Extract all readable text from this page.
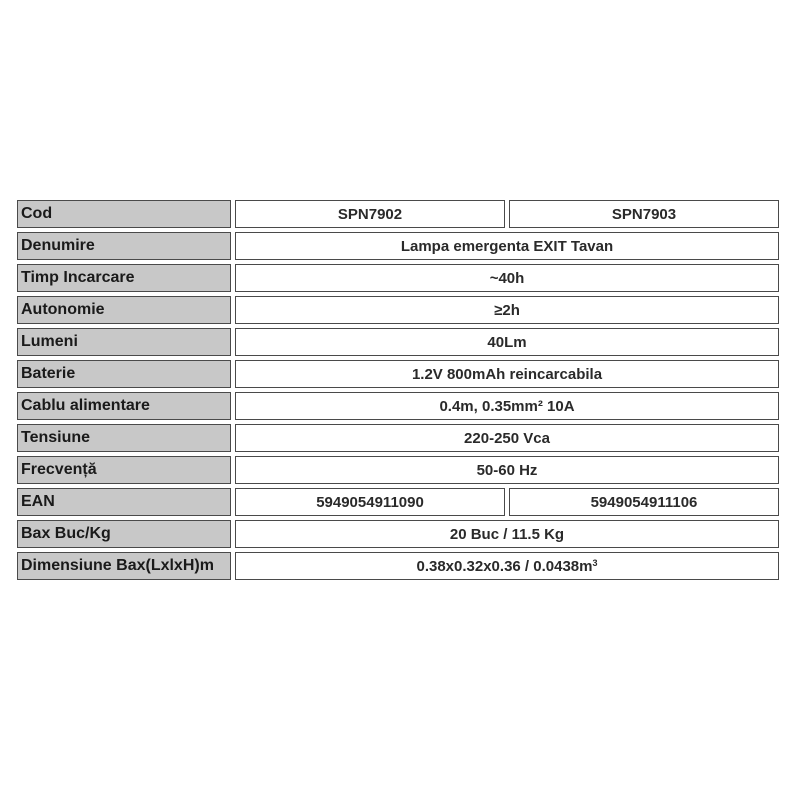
Cod	SPN7902	SPN7903
Denumire	Lampa emergenta EXIT Tavan
Timp Incarcare	~40h
Autonomie	≥2h
Lumeni	40Lm
Baterie	1.2V 800mAh reincarcabila
Cablu alimentare	0.4m, 0.35mm² 10A
Tensiune	220-250 Vca
Frecvență	50-60 Hz
EAN	5949054911090	5949054911106
Bax Buc/Kg	20 Buc / 11.5 Kg
Dimensiune Bax(LxlxH)m	$0.38x0.32x0.36 / 0.0438m^3$
